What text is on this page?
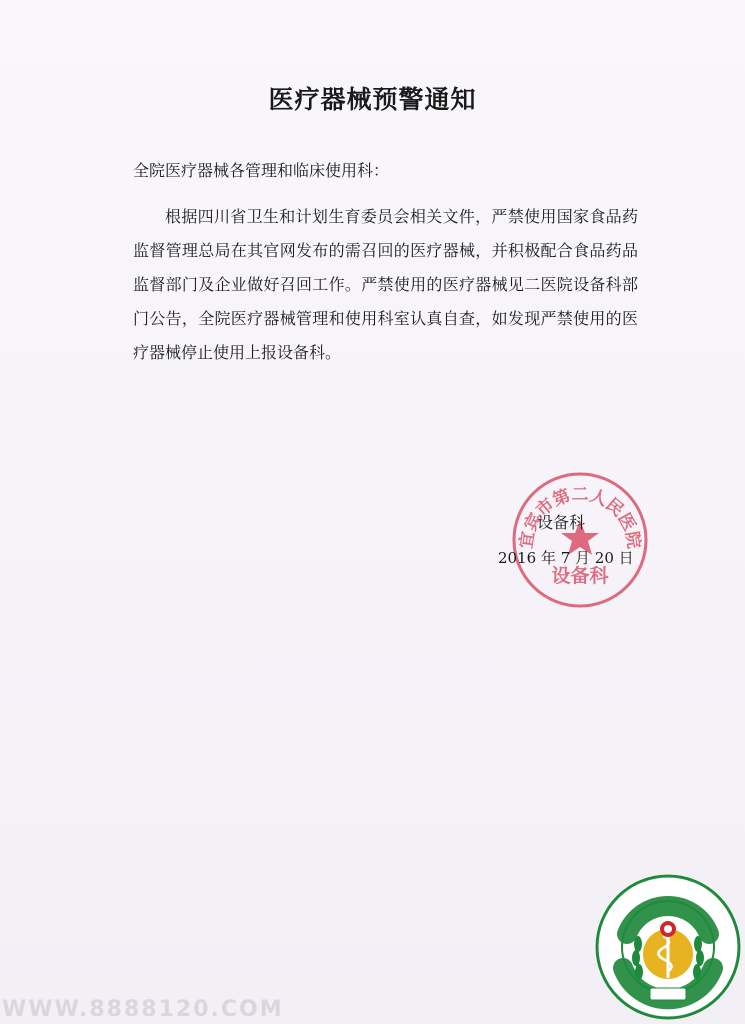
医疗器械预警通知
全院医疗器械各管理和临床使用科：
根据四川省卫生和计划生育委员会相关文件，严禁使用国家食品药监督管理总局在其官网发布的需召回的医疗器械，并积极配合食品药品监督部门及企业做好召回工作。严禁使用的医疗器械见二医院设备科部门公告，全院医疗器械管理和使用科室认真自查，如发现严禁使用的医疗器械停止使用上报设备科。
宜宾市第二人民医院
设备科
设备科
2016 年 7 月 20 日
WWW.8888120.COM
